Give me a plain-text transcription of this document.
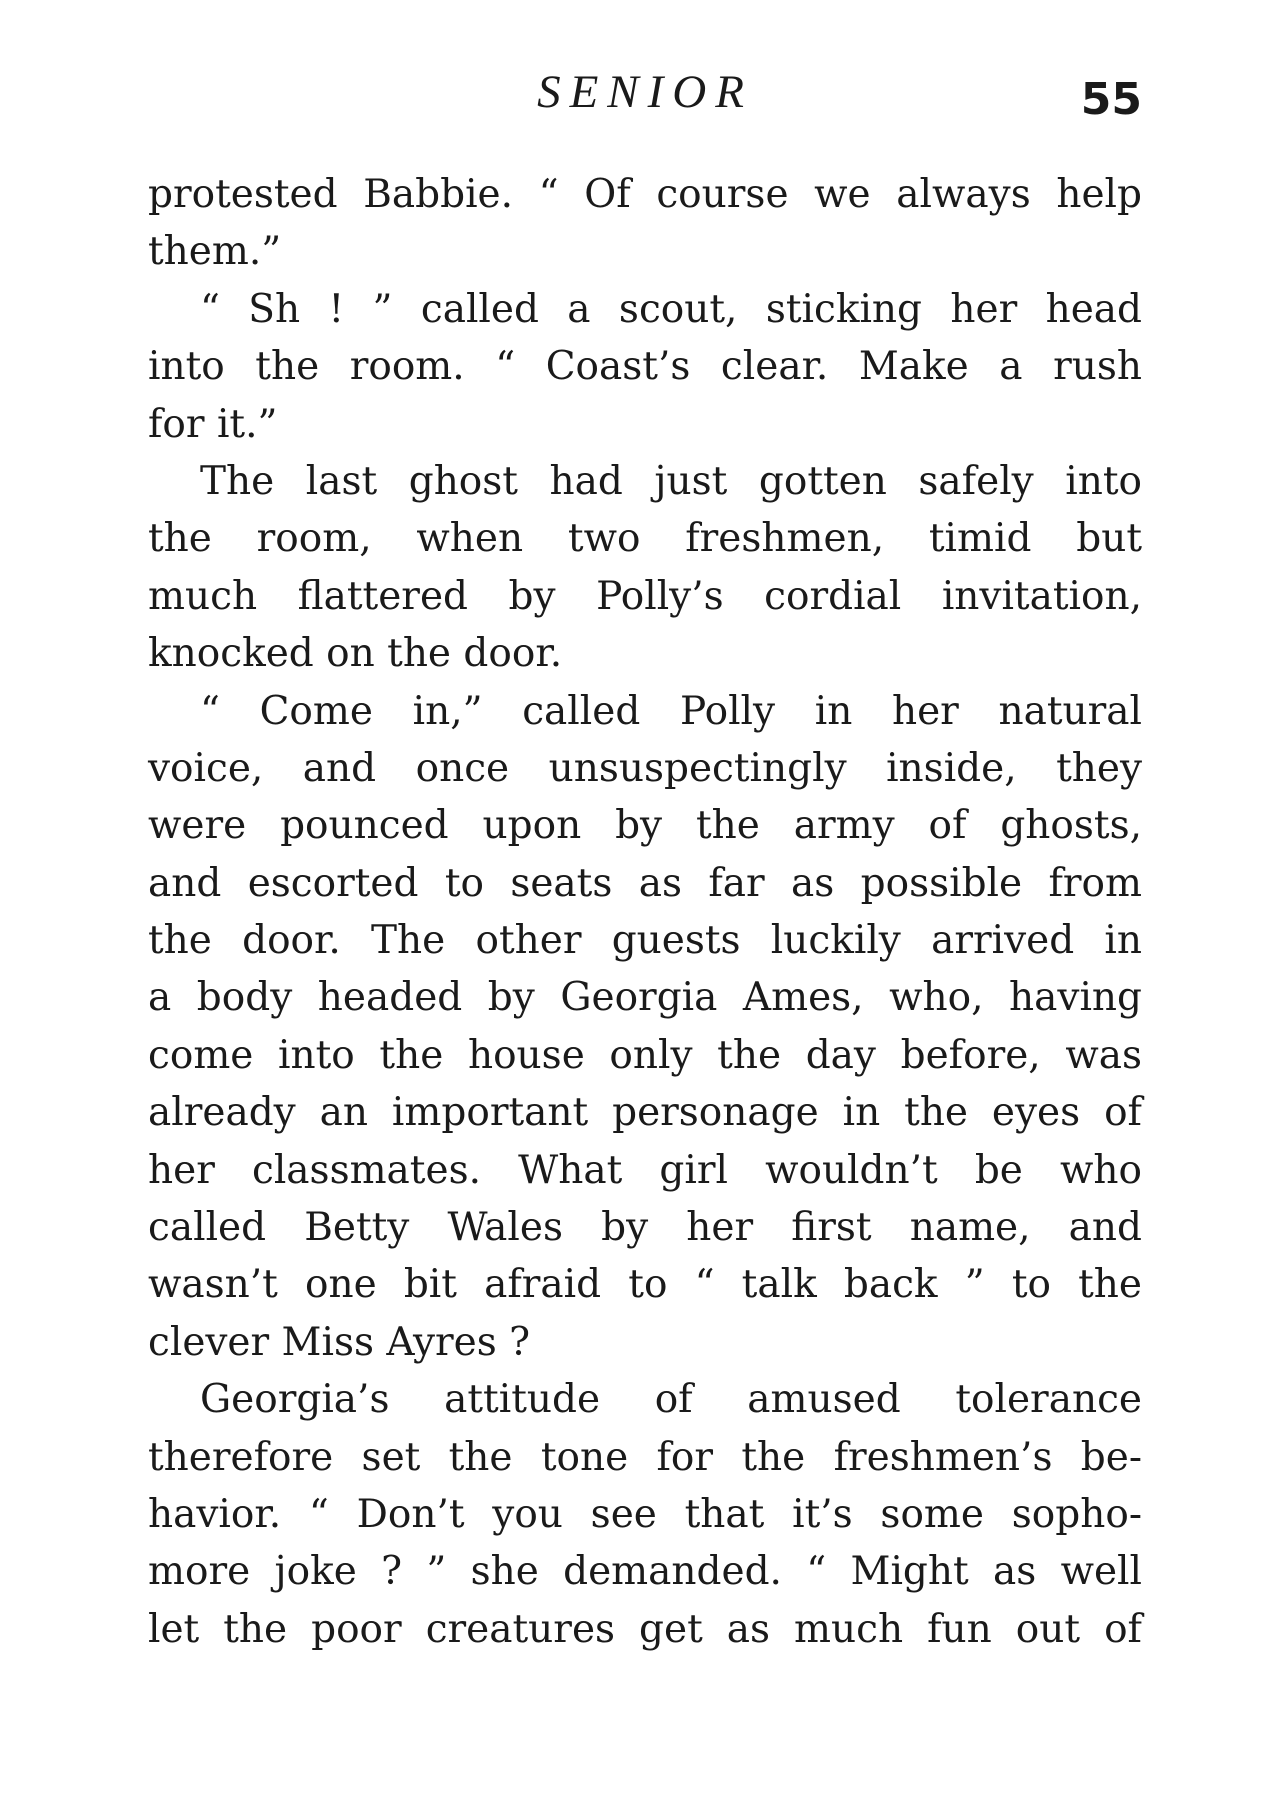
SENIOR	55
protested Babbie. “ Of course we always help
them.”
“ Sh ! ” called a scout, sticking her head
into the room. “ Coast’s clear. Make a rush
for it.”
The last ghost had just gotten safely into
the room, when two freshmen, timid but
much flattered by Polly’s cordial invitation,
knocked on the door.
“ Come in,” called Polly in her natural
voice, and once unsuspectingly inside, they
were pounced upon by the army of ghosts,
and escorted to seats as far as possible from
the door. The other guests luckily arrived in
a body headed by Georgia Ames, who, having
come into the house only the day before, was
already an important personage in the eyes of
her classmates. What girl wouldn’t be who
called Betty Wales by her first name, and
wasn’t one bit afraid to “ talk back ” to the
clever Miss Ayres ?
Georgia’s attitude of amused tolerance
therefore set the tone for the freshmen’s be-
havior. “ Don’t you see that it’s some sopho-
more joke ? ” she demanded. “ Might as well
let the poor creatures get as much fun out of
